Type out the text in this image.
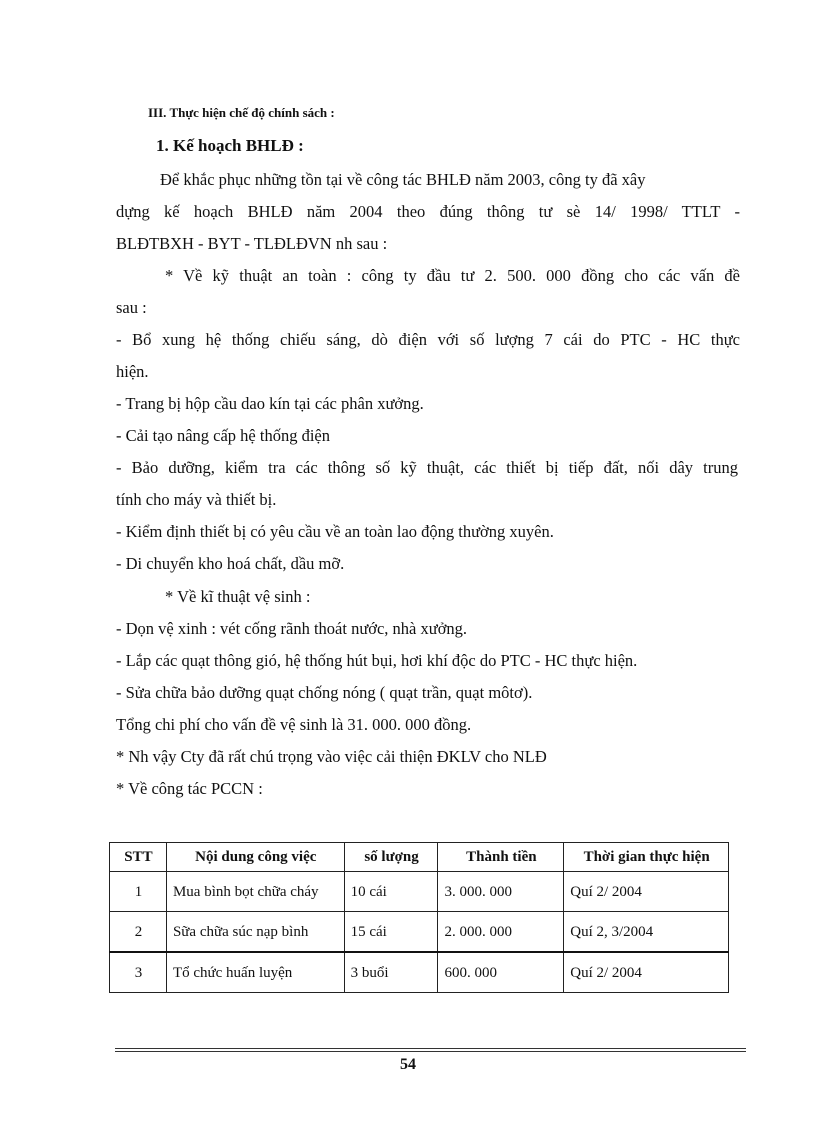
III. Thực hiện chế độ chính sách :
1. Kế hoạch BHLĐ :
Để khắc phục những tồn tại về công tác BHLĐ năm 2003, công ty đã xây
dựng kế hoạch BHLĐ năm 2004 theo đúng thông tư sè 14/ 1998/ TTLT -
BLĐTBXH - BYT - TLĐLĐVN nh sau :
* Về kỹ thuật an toàn : công ty đầu tư 2. 500. 000 đồng cho các vấn đề
sau :
- Bổ xung hệ thống chiếu sáng, dò điện với số lượng 7 cái do PTC - HC thực
hiện.
- Trang bị hộp cầu dao kín tại các phân xưởng.
- Cải tạo nâng cấp hệ thống điện
- Bảo dưỡng, kiểm tra các thông số kỹ thuật, các thiết bị tiếp đất, nối dây trung
tính cho máy và thiết bị.
- Kiểm định thiết bị có yêu cầu về an toàn lao động thường xuyên.
- Di chuyển kho hoá chất, dầu mỡ.
* Về kĩ thuật vệ sinh :
- Dọn vệ xinh : vét cống rãnh thoát nước, nhà xưởng.
- Lắp các quạt thông gió, hệ thống hút bụi, hơi khí độc do PTC - HC thực hiện.
- Sửa chữa bảo dưỡng quạt chống nóng ( quạt trần, quạt môtơ).
Tổng chi phí cho vấn đề vệ sinh là 31. 000. 000 đồng.
* Nh vậy Cty đã rất chú trọng vào việc cải thiện ĐKLV cho NLĐ
* Về công tác PCCN :
STT	Nội dung công việc	số lượng	Thành tiền	Thời gian thực hiện
1	Mua bình bọt chữa cháy	10 cái	3. 000. 000	Quí 2/ 2004
2	Sữa chữa súc nạp bình	15 cái	2. 000. 000	Quí 2, 3/2004
3	Tổ chức huấn luyện	3 buổi	600. 000	Quí 2/ 2004
54
